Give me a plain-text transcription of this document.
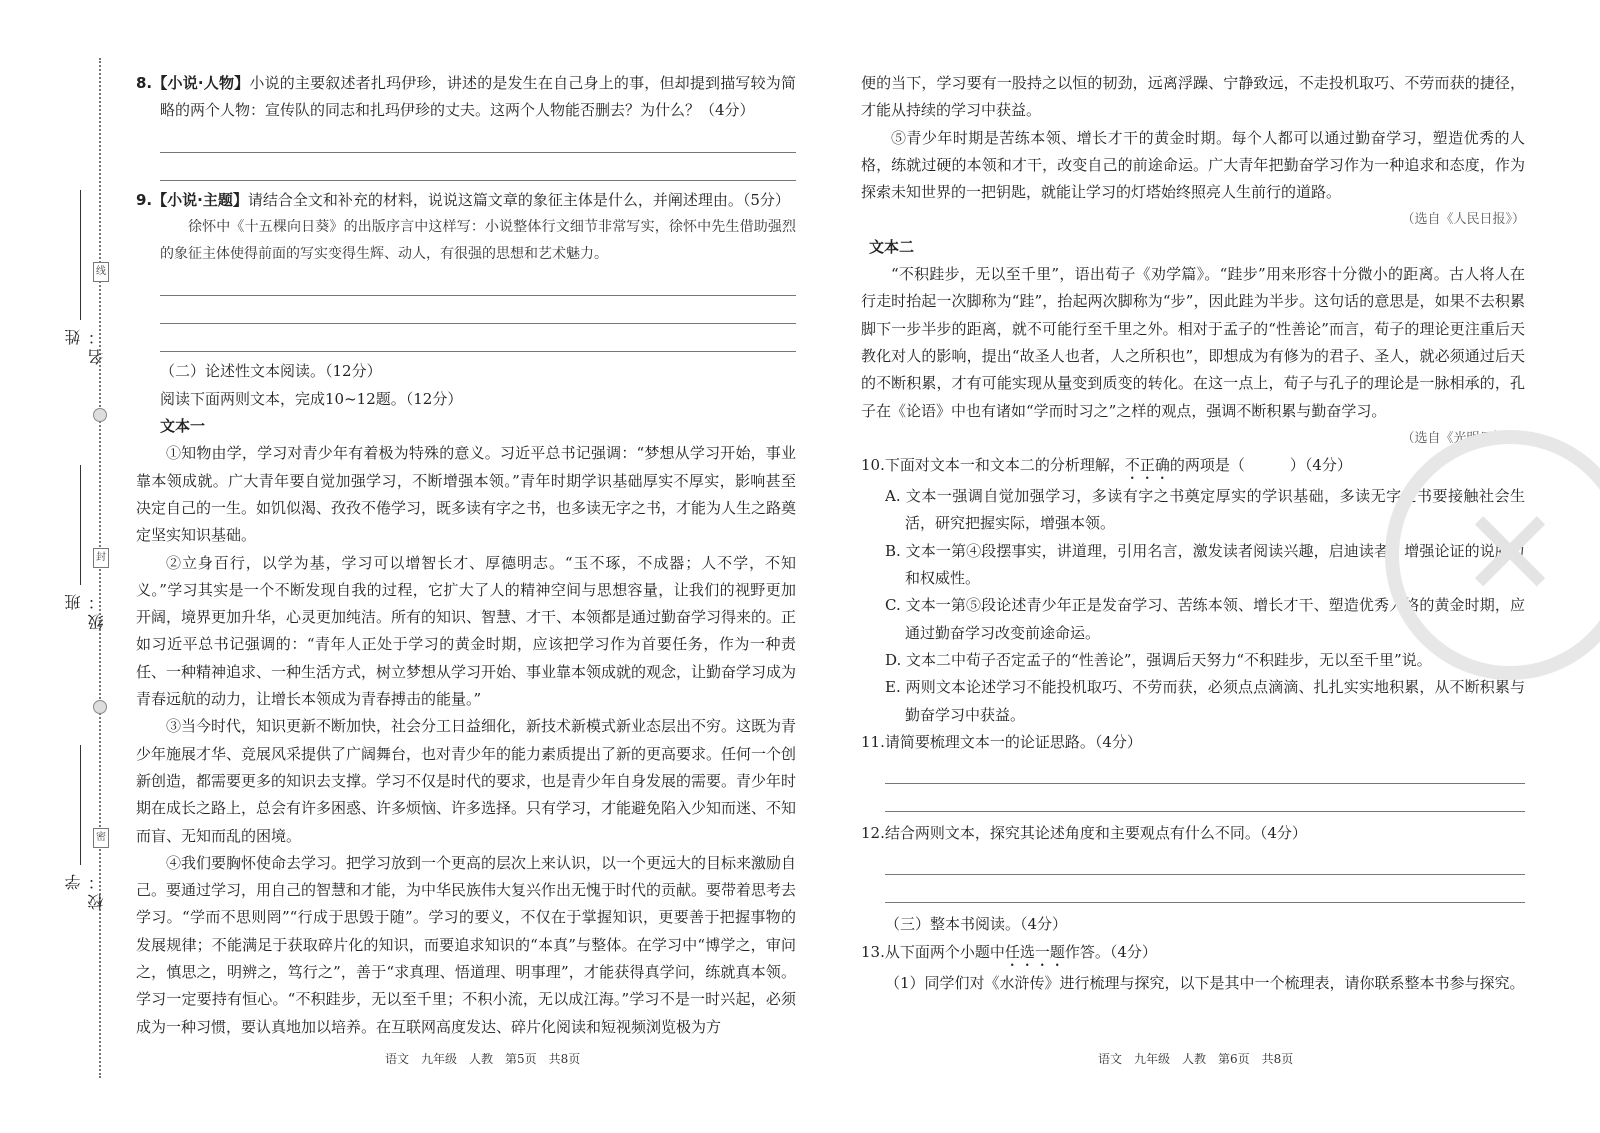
线
封
密
姓名：
班级：
学校：

8.【小说·人物】小说的主要叙述者扎玛伊珍，讲述的是发生在自己身上的事，但却提到描写较为简略的两个人物：宣传队的同志和扎玛伊珍的丈夫。这两个人物能否删去？为什么？（4分）

9.【小说·主题】请结合全文和补充的材料，说说这篇文章的象征主体是什么，并阐述理由。（5分）

徐怀中《十五棵向日葵》的出版序言中这样写：小说整体行文细节非常写实，徐怀中先生借助强烈的象征主体使得前面的写实变得生辉、动人，有很强的思想和艺术魅力。

（二）论述性文本阅读。（12分）

阅读下面两则文本，完成10~12题。（12分）

文本一

①知物由学，学习对青少年有着极为特殊的意义。习近平总书记强调：“梦想从学习开始，事业靠本领成就。广大青年要自觉加强学习，不断增强本领。”青年时期学识基础厚实不厚实，影响甚至决定自己的一生。如饥似渴、孜孜不倦学习，既多读有字之书，也多读无字之书，才能为人生之路奠定坚实知识基础。

②立身百行，以学为基，学习可以增智长才、厚德明志。“玉不琢，不成器；人不学，不知义。”学习其实是一个不断发现自我的过程，它扩大了人的精神空间与思想容量，让我们的视野更加开阔，境界更加升华，心灵更加纯洁。所有的知识、智慧、才干、本领都是通过勤奋学习得来的。正如习近平总书记强调的：“青年人正处于学习的黄金时期，应该把学习作为首要任务，作为一种责任、一种精神追求、一种生活方式，树立梦想从学习开始、事业靠本领成就的观念，让勤奋学习成为青春远航的动力，让增长本领成为青春搏击的能量。”

③当今时代，知识更新不断加快，社会分工日益细化，新技术新模式新业态层出不穷。这既为青少年施展才华、竞展风采提供了广阔舞台，也对青少年的能力素质提出了新的更高要求。任何一个创新创造，都需要更多的知识去支撑。学习不仅是时代的要求，也是青少年自身发展的需要。青少年时期在成长之路上，总会有许多困惑、许多烦恼、许多选择。只有学习，才能避免陷入少知而迷、不知而盲、无知而乱的困境。

④我们要胸怀使命去学习。把学习放到一个更高的层次上来认识，以一个更远大的目标来激励自己。要通过学习，用自己的智慧和才能，为中华民族伟大复兴作出无愧于时代的贡献。要带着思考去学习。“学而不思则罔”“行成于思毁于随”。学习的要义，不仅在于掌握知识，更要善于把握事物的发展规律；不能满足于获取碎片化的知识，而要追求知识的“本真”与整体。在学习中“博学之，审问之，慎思之，明辨之，笃行之”，善于“求真理、悟道理、明事理”，才能获得真学问，练就真本领。学习一定要持有恒心。“不积跬步，无以至千里；不积小流，无以成江海。”学习不是一时兴起，必须成为一种习惯，要认真地加以培养。在互联网高度发达、碎片化阅读和短视频浏览极为方

语文　九年级　人教　第5页　共8页

便的当下，学习要有一股持之以恒的韧劲，远离浮躁、宁静致远，不走投机取巧、不劳而获的捷径，才能从持续的学习中获益。

⑤青少年时期是苦练本领、增长才干的黄金时期。每个人都可以通过勤奋学习，塑造优秀的人格，练就过硬的本领和才干，改变自己的前途命运。广大青年把勤奋学习作为一种追求和态度，作为探索未知世界的一把钥匙，就能让学习的灯塔始终照亮人生前行的道路。

（选自《人民日报》）

文本二

“不积跬步，无以至千里”，语出荀子《劝学篇》。“跬步”用来形容十分微小的距离。古人将人在行走时抬起一次脚称为“跬”，抬起两次脚称为“步”，因此跬为半步。这句话的意思是，如果不去积累脚下一步半步的距离，就不可能行至千里之外。相对于孟子的“性善论”而言，荀子的理论更注重后天教化对人的影响，提出“故圣人也者，人之所积也”，即想成为有修为的君子、圣人，就必须通过后天的不断积累，才有可能实现从量变到质变的转化。在这一点上，荀子与孔子的理论是一脉相承的，孔子在《论语》中也有诸如“学而时习之”之样的观点，强调不断积累与勤奋学习。

（选自《光明日报》）

10.下面对文本一和文本二的分析理解，不正确的两项是（　　　）（4分）

A. 文本一强调自觉加强学习，多读有字之书奠定厚实的学识基础，多读无字之书要接触社会生活，研究把握实际，增强本领。

B. 文本一第④段摆事实，讲道理，引用名言，激发读者阅读兴趣，启迪读者，增强论证的说服力和权威性。

C. 文本一第⑤段论述青少年正是发奋学习、苦练本领、增长才干、塑造优秀人格的黄金时期，应通过勤奋学习改变前途命运。

D. 文本二中荀子否定孟子的“性善论”，强调后天努力“不积跬步，无以至千里”说。

E. 两则文本论述学习不能投机取巧、不劳而获，必须点点滴滴、扎扎实实地积累，从不断积累与勤奋学习中获益。

11.请简要梳理文本一的论证思路。（4分）

12.结合两则文本，探究其论述角度和主要观点有什么不同。（4分）

（三）整本书阅读。（4分）

13.从下面两个小题中任选一题作答。（4分）

（1）同学们对《水浒传》进行梳理与探究，以下是其中一个梳理表，请你联系整本书参与探究。

语文　九年级　人教　第6页　共8页
✕
